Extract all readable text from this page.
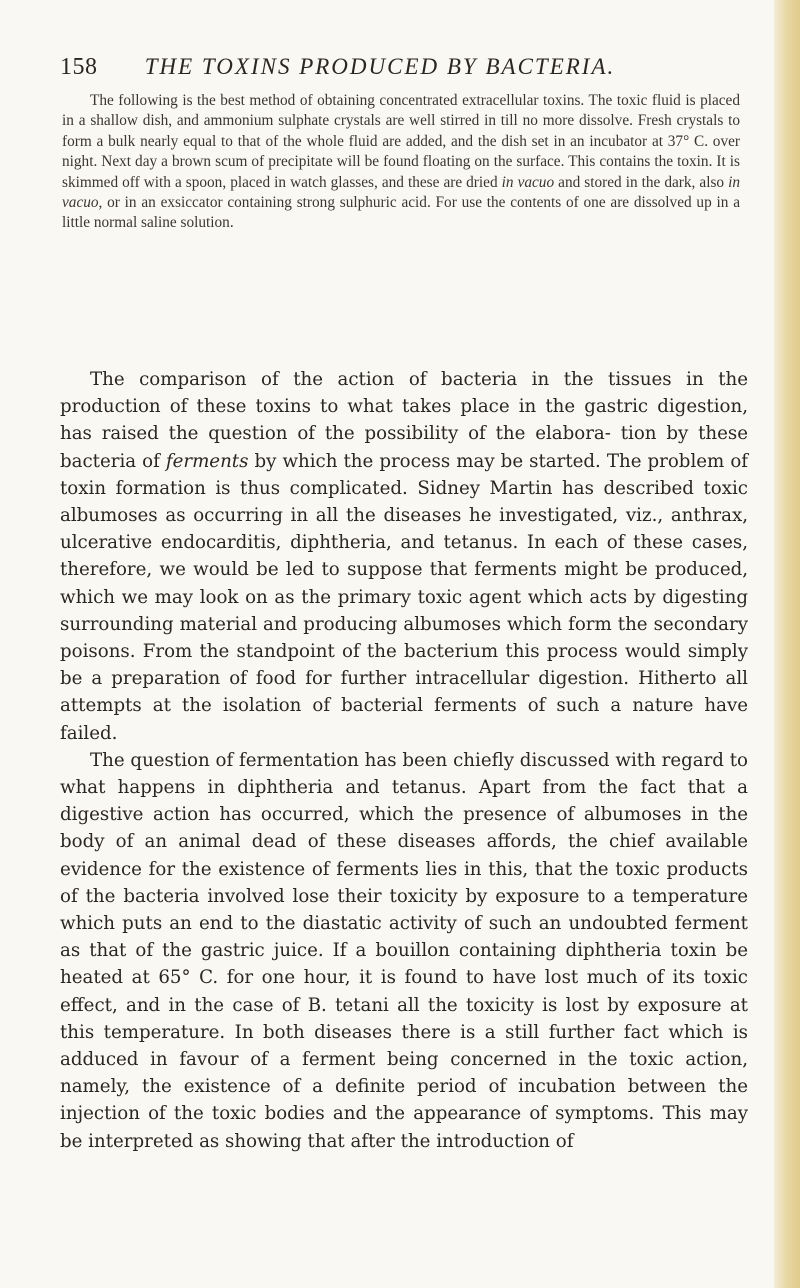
158	THE TOXINS PRODUCED BY BACTERIA.

The following is the best method of obtaining concentrated extracellular toxins. The toxic fluid is placed in a shallow dish, and ammonium sulphate crystals are well stirred in till no more dissolve. Fresh crystals to form a bulk nearly equal to that of the whole fluid are added, and the dish set in an incubator at 37° C. over night. Next day a brown scum of precipitate will be found floating on the surface. This contains the toxin. It is skimmed off with a spoon, placed in watch glasses, and these are dried in vacuo and stored in the dark, also in vacuo, or in an exsiccator containing strong sulphuric acid. For use the contents of one are dissolved up in a little normal saline solution.

The comparison of the action of bacteria in the tissues in the production of these toxins to what takes place in the gastric digestion, has raised the question of the possibility of the elabora- tion by these bacteria of ferments by which the process may be started. The problem of toxin formation is thus complicated. Sidney Martin has described toxic albumoses as occurring in all the diseases he investigated, viz., anthrax, ulcerative endocarditis, diphtheria, and tetanus. In each of these cases, therefore, we would be led to suppose that ferments might be produced, which we may look on as the primary toxic agent which acts by digesting surrounding material and producing albumoses which form the secondary poisons. From the standpoint of the bacterium this process would simply be a preparation of food for further intracellular digestion. Hitherto all attempts at the isolation of bacterial ferments of such a nature have failed.

The question of fermentation has been chiefly discussed with regard to what happens in diphtheria and tetanus. Apart from the fact that a digestive action has occurred, which the presence of albumoses in the body of an animal dead of these diseases affords, the chief available evidence for the existence of ferments lies in this, that the toxic products of the bacteria involved lose their toxicity by exposure to a temperature which puts an end to the diastatic activity of such an undoubted ferment as that of the gastric juice. If a bouillon containing diphtheria toxin be heated at 65° C. for one hour, it is found to have lost much of its toxic effect, and in the case of B. tetani all the toxicity is lost by exposure at this temperature. In both diseases there is a still further fact which is adduced in favour of a ferment being concerned in the toxic action, namely, the existence of a definite period of incubation between the injection of the toxic bodies and the appearance of symptoms. This may be interpreted as showing that after the introduction of
